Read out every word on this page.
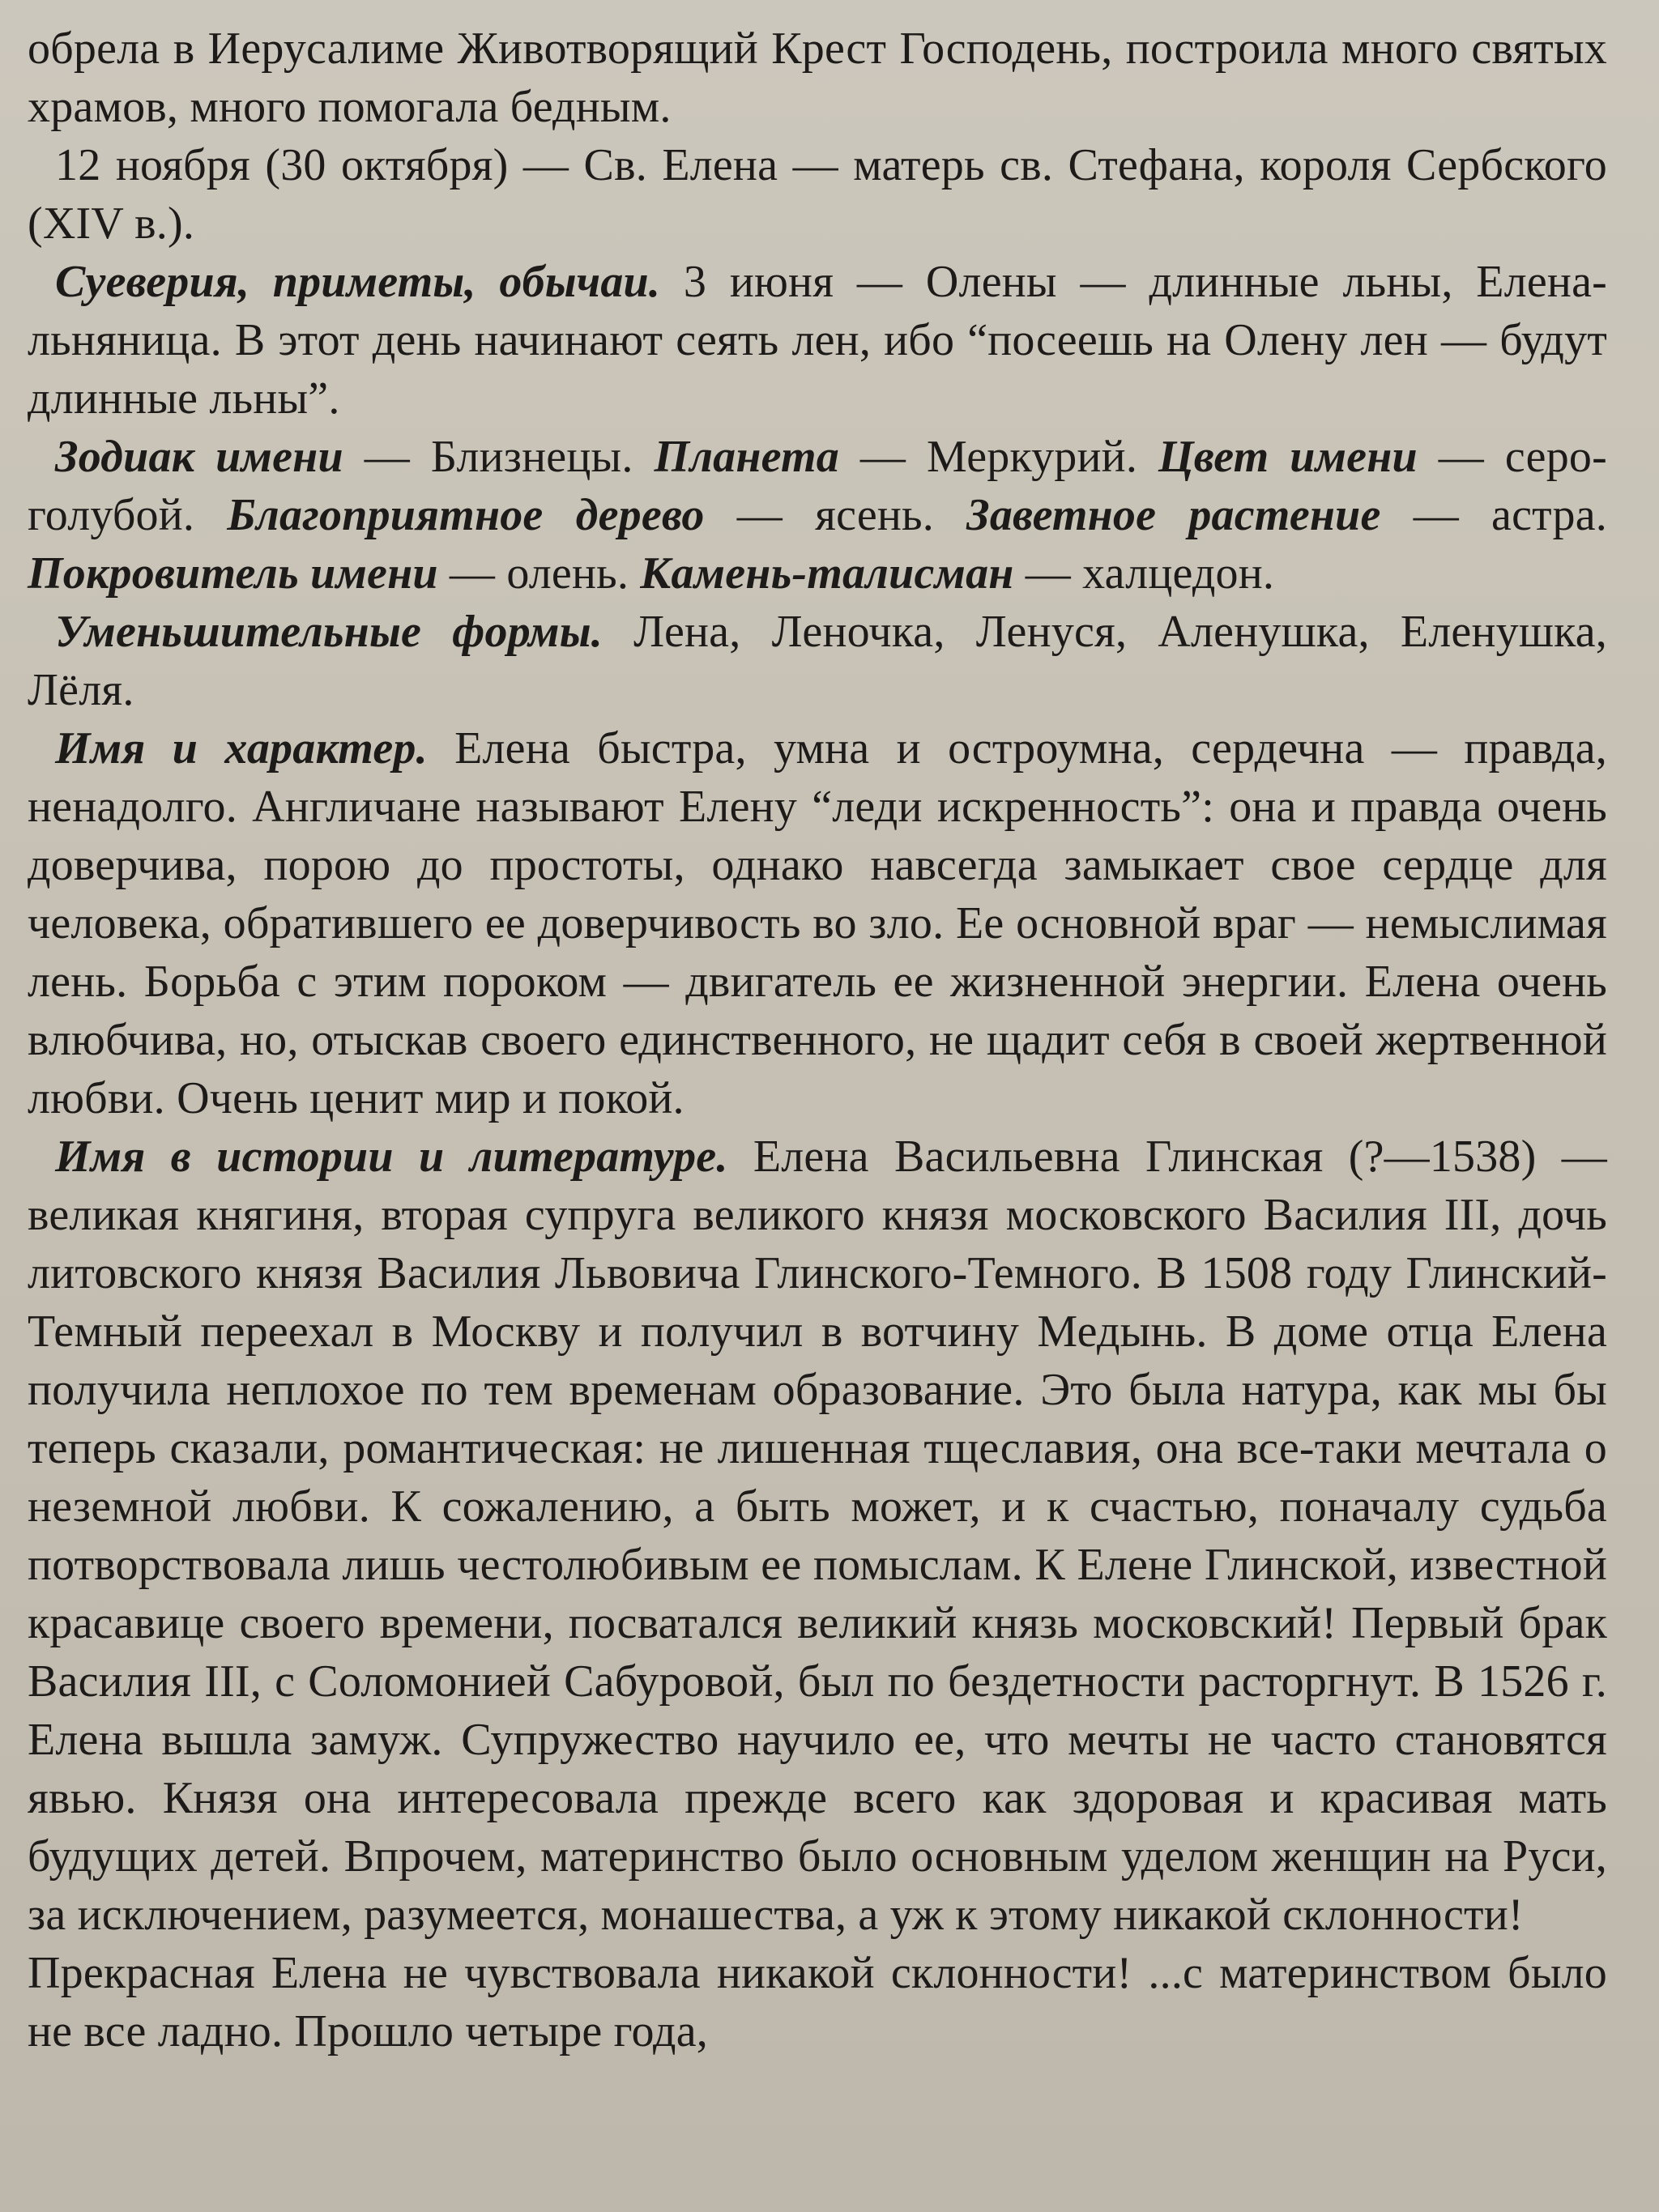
обрела в Иерусалиме Животворящий Крест Господень, построила много святых храмов, много помогала бедным.

12 ноября (30 октября) — Св. Елена — матерь св. Стефана, короля Сербского (XIV в.).

Суеверия, приметы, обычаи. 3 июня — Олены — длинные льны, Елена-льняница. В этот день начинают сеять лен, ибо “посеешь на Олену лен — будут длинные льны”.

Зодиак имени — Близнецы. Планета — Меркурий. Цвет имени — серо-голубой. Благоприятное дерево — ясень. Заветное растение — астра. Покровитель имени — олень. Камень-талисман — халцедон.

Уменьшительные формы. Лена, Леночка, Ленуся, Аленушка, Еленушка, Лёля.

Имя и характер. Елена быстра, умна и остроумна, сердечна — правда, ненадолго. Англичане называют Елену “леди искренность”: она и правда очень доверчива, порою до простоты, однако навсегда замыкает свое сердце для человека, обратившего ее доверчивость во зло. Ее основной враг — немыслимая лень. Борьба с этим пороком — двигатель ее жизненной энергии. Елена очень влюбчива, но, отыскав своего единственного, не щадит себя в своей жертвенной любви. Очень ценит мир и покой.

Имя в истории и литературе. Елена Васильевна Глинская (?—1538) — великая княгиня, вторая супруга великого князя московского Василия III, дочь литовского князя Василия Львовича Глинского-Темного. В 1508 году Глинский-Темный переехал в Москву и получил в вотчину Медынь. В доме отца Елена получила неплохое по тем временам образование. Это была натура, как мы бы теперь сказали, романтическая: не лишенная тщеславия, она все-таки мечтала о неземной любви. К сожалению, а быть может, и к счастью, поначалу судьба потворствовала лишь честолюбивым ее помыслам. К Елене Глинской, известной красавице своего времени, посватался великий князь московский! Первый брак Василия III, с Соломонией Сабуровой, был по бездетности расторгнут. В 1526 г. Елена вышла замуж. Супружество научило ее, что мечты не часто становятся явью. Князя она интересовала прежде всего как здоровая и красивая мать будущих детей. Впрочем, материнство было основным уделом женщин на Руси, за исключением, разумеется, монашества, а уж к этому никакой склонности!

Прекрасная Елена не чувствовала никакой склонности! ...с материнством было не все ладно. Прошло четыре года,
